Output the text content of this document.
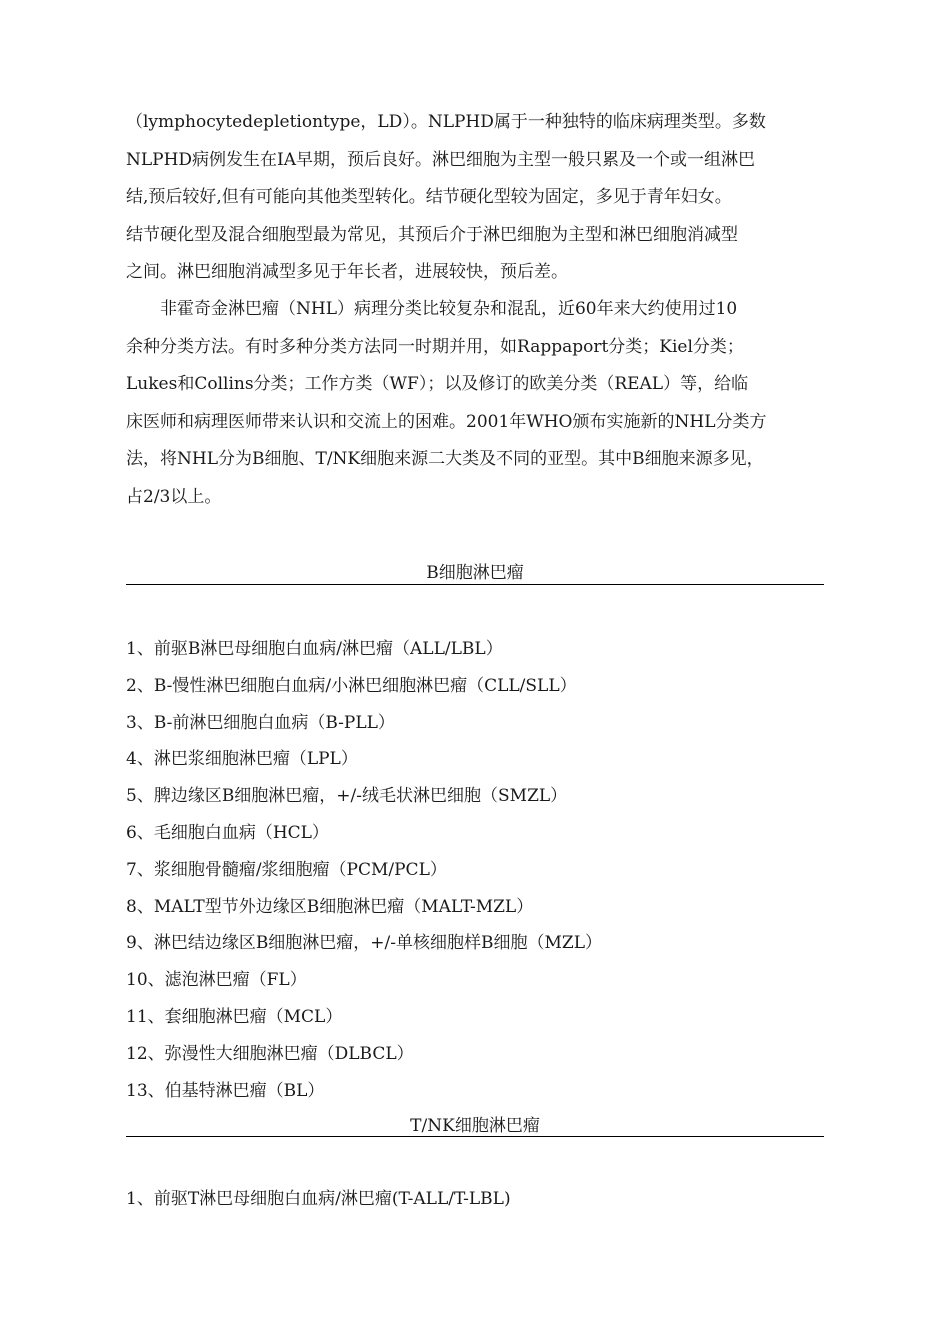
（lymphocytedepletiontype，LD）。NLPHD属于一种独特的临床病理类型。多数
NLPHD病例发生在IA早期，预后良好。淋巴细胞为主型一般只累及一个或一组淋巴
结,预后较好,但有可能向其他类型转化。结节硬化型较为固定，多见于青年妇女。
结节硬化型及混合细胞型最为常见，其预后介于淋巴细胞为主型和淋巴细胞消减型
之间。淋巴细胞消减型多见于年长者，进展较快，预后差。

　　非霍奇金淋巴瘤（NHL）病理分类比较复杂和混乱，近60年来大约使用过10
余种分类方法。有时多种分类方法同一时期并用，如Rappaport分类；Kiel分类；
Lukes和Collins分类；工作方类（WF）；以及修订的欧美分类（REAL）等，给临
床医师和病理医师带来认识和交流上的困难。2001年WHO颁布实施新的NHL分类方
法，将NHL分为B细胞、T/NK细胞来源二大类及不同的亚型。其中B细胞来源多见，
占2/3以上。

B细胞淋巴瘤
1、前驱B淋巴母细胞白血病/淋巴瘤（ALL/LBL）
2、B-慢性淋巴细胞白血病/小淋巴细胞淋巴瘤（CLL/SLL）
3、B-前淋巴细胞白血病（B-PLL）
4、淋巴浆细胞淋巴瘤（LPL）
5、脾边缘区B细胞淋巴瘤，+/-绒毛状淋巴细胞（SMZL）
6、毛细胞白血病（HCL）
7、浆细胞骨髓瘤/浆细胞瘤（PCM/PCL）
8、MALT型节外边缘区B细胞淋巴瘤（MALT-MZL）
9、淋巴结边缘区B细胞淋巴瘤，+/-单核细胞样B细胞（MZL）
10、滤泡淋巴瘤（FL）
11、套细胞淋巴瘤（MCL）
12、弥漫性大细胞淋巴瘤（DLBCL）
13、伯基特淋巴瘤（BL）
T/NK细胞淋巴瘤
1、前驱T淋巴母细胞白血病/淋巴瘤(T-ALL/T-LBL)
